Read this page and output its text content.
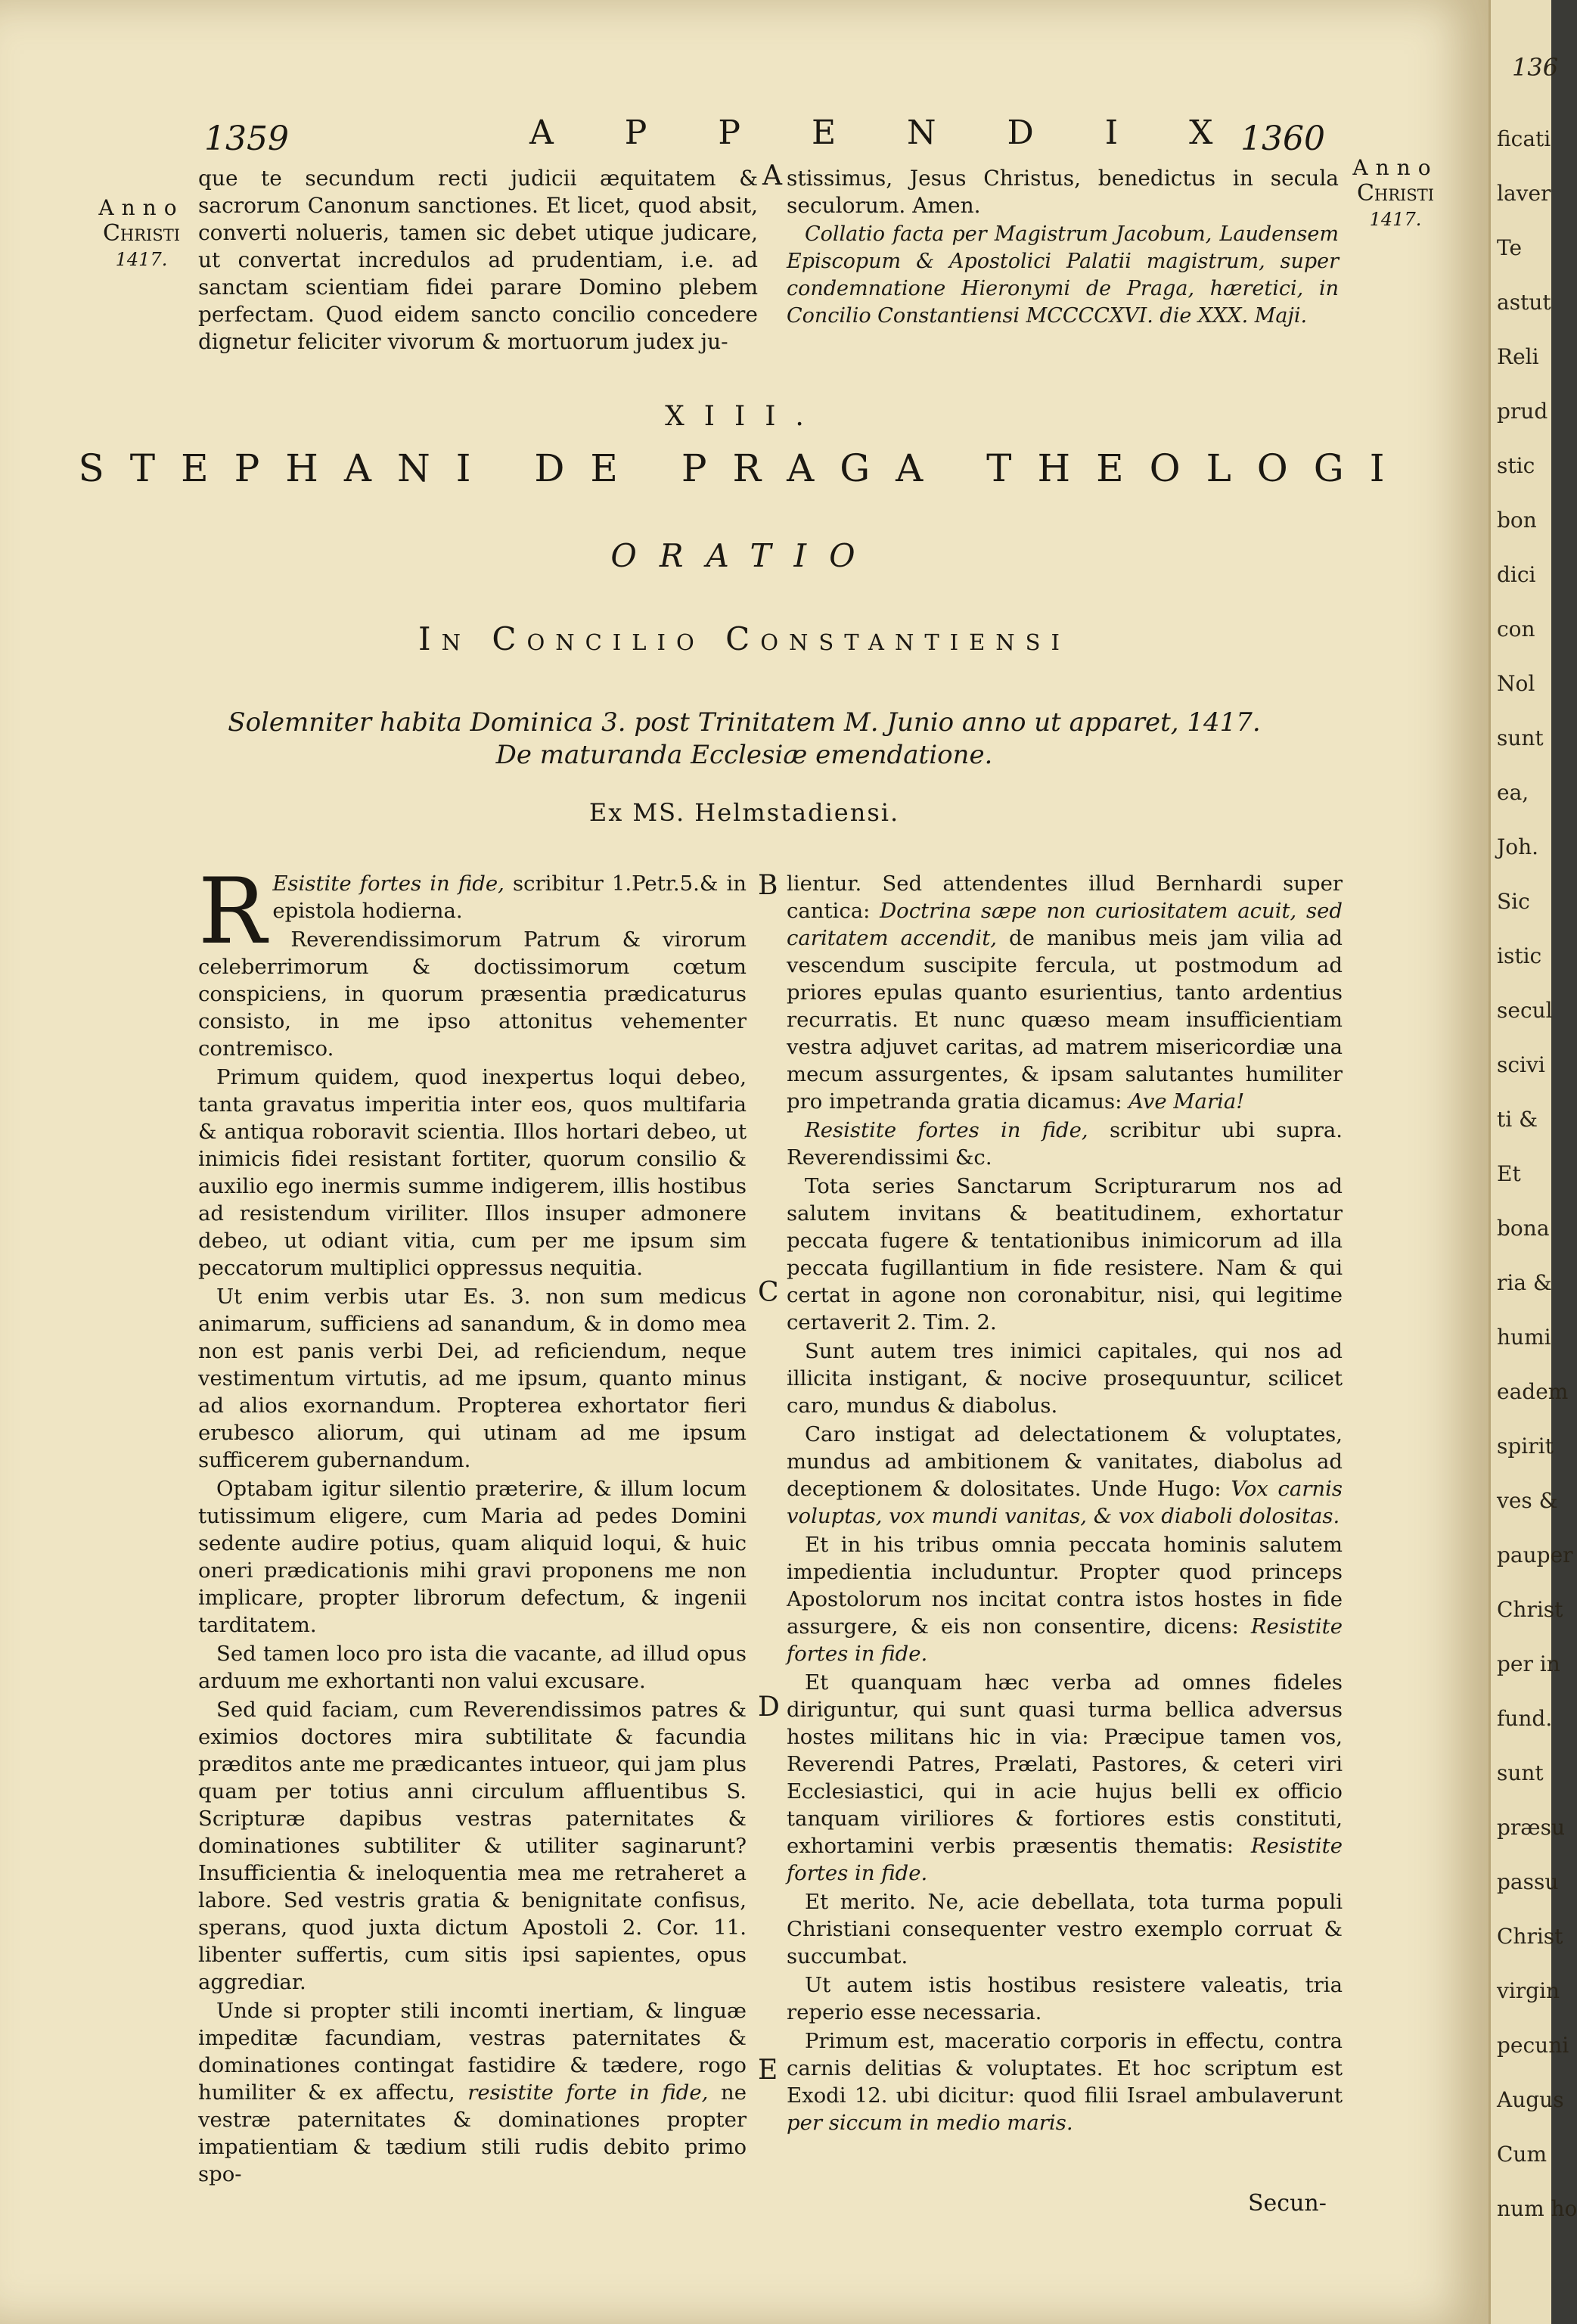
1359	A P P E N D I X
1360
Anno
Christi
1417.
Anno
Christi
1417.

que te secundum recti judicii æquitatem & sacrorum Canonum sanctiones. Et licet, quod absit, converti nolueris, tamen sic debet utique judicare, ut convertat incredulos ad prudentiam, i.e. ad sanctam scientiam fidei parare Domino plebem perfectam. Quod eidem sancto concilio concedere dignetur feliciter vivorum & mortuorum judex ju-

stissimus, Jesus Christus, benedictus in secula seculorum. Amen.

Collatio facta per Magistrum Jacobum, Laudensem Episcopum & Apostolici Palatii magistrum, super condemnatione Hieronymi de Praga, hæretici, in Concilio Constantiensi MCCCCXVI. die XXX. Maji.

A
XIII.
STEPHANI DE PRAGA THEOLOGI
ORATIO
In Concilio Constantiensi
Solemniter habita Dominica 3. post Trinitatem M. Junio anno ut apparet, 1417.
De maturanda Ecclesiæ emendatione.
Ex MS. Helmstadiensi.

R Esistite fortes in fide, scribitur 1.Petr.5.& in epistola hodierna.

Reverendissimorum Patrum & virorum celeberrimorum & doctissimorum cœtum conspiciens, in quorum præsentia prædicaturus consisto, in me ipso attonitus vehementer contremisco.

Primum quidem, quod inexpertus loqui debeo, tanta gravatus imperitia inter eos, quos multifaria & antiqua roboravit scientia. Illos hortari debeo, ut inimicis fidei resistant fortiter, quorum consilio & auxilio ego inermis summe indigerem, illis hostibus ad resistendum viriliter. Illos insuper admonere debeo, ut odiant vitia, cum per me ipsum sim peccatorum multiplici oppressus nequitia.

Ut enim verbis utar Es. 3. non sum medicus animarum, sufficiens ad sanandum, & in domo mea non est panis verbi Dei, ad reficiendum, neque vestimentum virtutis, ad me ipsum, quanto minus ad alios exornandum. Propterea exhortator fieri erubesco aliorum, qui utinam ad me ipsum sufficerem gubernandum.

Optabam igitur silentio præterire, & illum locum tutissimum eligere, cum Maria ad pedes Domini sedente audire potius, quam aliquid loqui, & huic oneri prædicationis mihi gravi proponens me non implicare, propter librorum defectum, & ingenii tarditatem.

Sed tamen loco pro ista die vacante, ad illud opus arduum me exhortanti non valui excusare.

Sed quid faciam, cum Reverendissimos patres & eximios doctores mira subtilitate & facundia præditos ante me prædicantes intueor, qui jam plus quam per totius anni circulum affluentibus S. Scripturæ dapibus vestras paternitates & dominationes subtiliter & utiliter saginarunt? Insufficientia & ineloquentia mea me retraheret a labore. Sed vestris gratia & benignitate confisus, sperans, quod juxta dictum Apostoli 2. Cor. 11. libenter suffertis, cum sitis ipsi sapientes, opus aggrediar.

Unde si propter stili incomti inertiam, & linguæ impeditæ facundiam, vestras paternitates & dominationes contingat fastidire & tædere, rogo humiliter & ex affectu, resistite forte in fide, ne vestræ paternitates & dominationes propter impatientiam & tædium stili rudis debito primo spo-

B
C
D
E

lientur. Sed attendentes illud Bernhardi super cantica: Doctrina sæpe non curiositatem acuit, sed caritatem accendit, de manibus meis jam vilia ad vescendum suscipite fercula, ut postmodum ad priores epulas quanto esurientius, tanto ardentius recurratis. Et nunc quæso meam insufficientiam vestra adjuvet caritas, ad matrem misericordiæ una mecum assurgentes, & ipsam salutantes humiliter pro impetranda gratia dicamus: Ave Maria!

Resistite fortes in fide, scribitur ubi supra. Reverendissimi &c.

Tota series Sanctarum Scripturarum nos ad salutem invitans & beatitudinem, exhortatur peccata fugere & tentationibus inimicorum ad illa peccata fugillantium in fide resistere. Nam & qui certat in agone non coronabitur, nisi, qui legitime certaverit 2. Tim. 2.

Sunt autem tres inimici capitales, qui nos ad illicita instigant, & nocive prosequuntur, scilicet caro, mundus & diabolus.

Caro instigat ad delectationem & voluptates, mundus ad ambitionem & vanitates, diabolus ad deceptionem & dolositates. Unde Hugo: Vox carnis voluptas, vox mundi vanitas, & vox diaboli dolositas.

Et in his tribus omnia peccata hominis salutem impedientia includuntur. Propter quod princeps Apostolorum nos incitat contra istos hostes in fide assurgere, & eis non consentire, dicens: Resistite fortes in fide.

Et quanquam hæc verba ad omnes fideles diriguntur, qui sunt quasi turma bellica adversus hostes militans hic in via: Præcipue tamen vos, Reverendi Patres, Prælati, Pastores, & ceteri viri Ecclesiastici, qui in acie hujus belli ex officio tanquam viriliores & fortiores estis constituti, exhortamini verbis præsentis thematis: Resistite fortes in fide.

Et merito. Ne, acie debellata, tota turma populi Christiani consequenter vestro exemplo corruat & succumbat.

Ut autem istis hostibus resistere valeatis, tria reperio esse necessaria.

Primum est, maceratio corporis in effectu, contra carnis delitias & voluptates. Et hoc scriptum est Exodi 12. ubi dicitur: quod filii Israel ambulaverunt per siccum in medio maris.

Secun-
136
ficati
laver
Te
astut
Reli
prud
stic
bon
dici
con
Nol
sunt
ea,
Joh.
Sic
istic
secul
scivi
ti &
Et
bona
ria &
humi
eadem
spirit
ves &
pauper
Christ
per in
fund.
sunt
præsu
passu
Christ
virgin
pecuni
Augus
Cum
num ho
